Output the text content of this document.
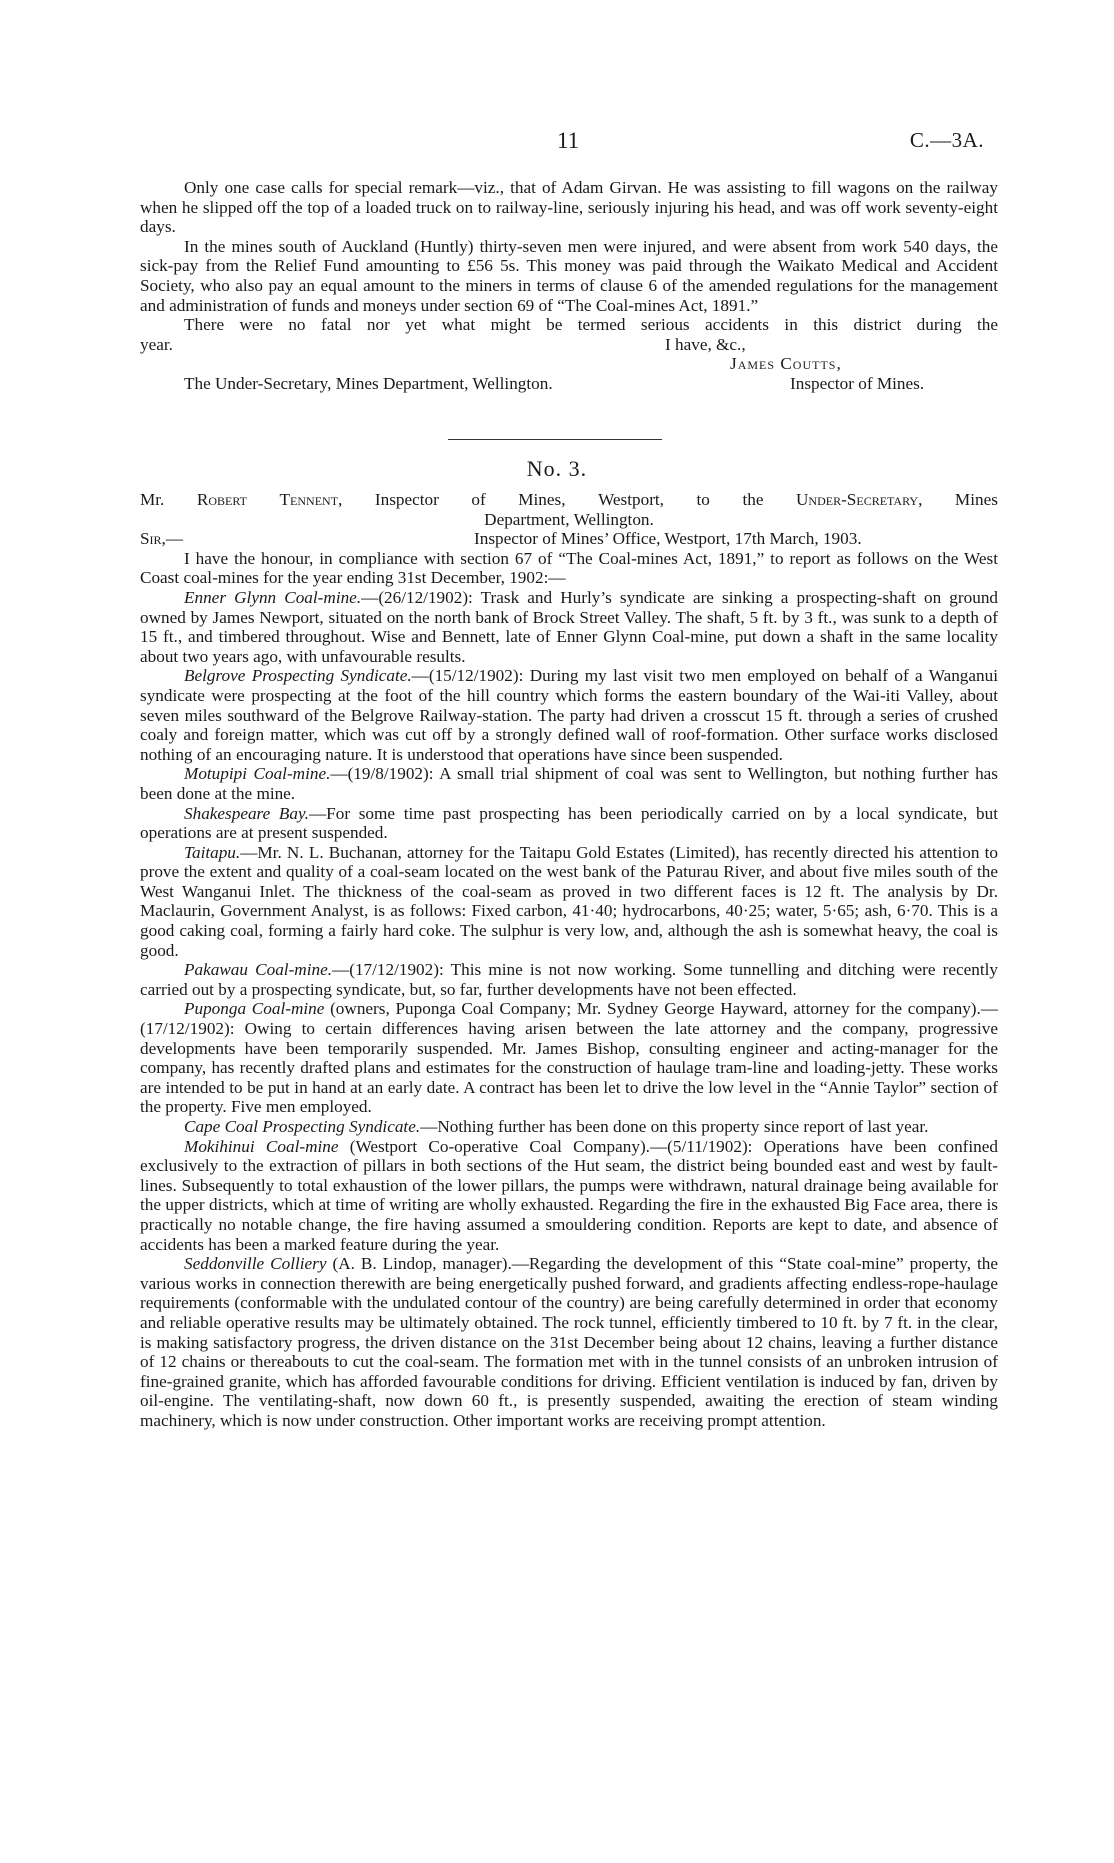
11	C.—3A.

Only one case calls for special remark—viz., that of Adam Girvan. He was assisting to fill wagons on the railway when he slipped off the top of a loaded truck on to railway-line, seriously injuring his head, and was off work seventy-eight days.

In the mines south of Auckland (Huntly) thirty-seven men were injured, and were absent from work 540 days, the sick-pay from the Relief Fund amounting to £56 5s. This money was paid through the Waikato Medical and Accident Society, who also pay an equal amount to the miners in terms of clause 6 of the amended regulations for the management and administration of funds and moneys under section 69 of “The Coal-mines Act, 1891.”

There were no fatal nor yet what might be termed serious accidents in this district during the

year.	I have, &c.,
James Coutts,
The Under-Secretary, Mines Department, Wellington.	Inspector of Mines.
No. 3.
Mr. Robert Tennent, Inspector of Mines, Westport, to the Under-Secretary, Mines
Department, Wellington.
Sir,—	Inspector of Mines’ Office, Westport, 17th March, 1903.

I have the honour, in compliance with section 67 of “The Coal-mines Act, 1891,” to report as follows on the West Coast coal-mines for the year ending 31st December, 1902:—

Enner Glynn Coal-mine.—(26/12/1902): Trask and Hurly’s syndicate are sinking a prospecting-shaft on ground owned by James Newport, situated on the north bank of Brock Street Valley. The shaft, 5 ft. by 3 ft., was sunk to a depth of 15 ft., and timbered throughout. Wise and Bennett, late of Enner Glynn Coal-mine, put down a shaft in the same locality about two years ago, with unfavourable results.

Belgrove Prospecting Syndicate.—(15/12/1902): During my last visit two men employed on behalf of a Wanganui syndicate were prospecting at the foot of the hill country which forms the eastern boundary of the Wai-iti Valley, about seven miles southward of the Belgrove Railway-station. The party had driven a crosscut 15 ft. through a series of crushed coaly and foreign matter, which was cut off by a strongly defined wall of roof-formation. Other surface works disclosed nothing of an encouraging nature. It is understood that operations have since been suspended.

Motupipi Coal-mine.—(19/8/1902): A small trial shipment of coal was sent to Wellington, but nothing further has been done at the mine.

Shakespeare Bay.—For some time past prospecting has been periodically carried on by a local syndicate, but operations are at present suspended.

Taitapu.—Mr. N. L. Buchanan, attorney for the Taitapu Gold Estates (Limited), has recently directed his attention to prove the extent and quality of a coal-seam located on the west bank of the Paturau River, and about five miles south of the West Wanganui Inlet. The thickness of the coal-seam as proved in two different faces is 12 ft. The analysis by Dr. Maclaurin, Government Analyst, is as follows: Fixed carbon, 41·40; hydrocarbons, 40·25; water, 5·65; ash, 6·70. This is a good caking coal, forming a fairly hard coke. The sulphur is very low, and, although the ash is somewhat heavy, the coal is good.

Pakawau Coal-mine.—(17/12/1902): This mine is not now working. Some tunnelling and ditching were recently carried out by a prospecting syndicate, but, so far, further developments have not been effected.

Puponga Coal-mine (owners, Puponga Coal Company; Mr. Sydney George Hayward, attorney for the company).—(17/12/1902): Owing to certain differences having arisen between the late attorney and the company, progressive developments have been temporarily suspended. Mr. James Bishop, consulting engineer and acting-manager for the company, has recently drafted plans and estimates for the construction of haulage tram-line and loading-jetty. These works are intended to be put in hand at an early date. A contract has been let to drive the low level in the “Annie Taylor” section of the property. Five men employed.

Cape Coal Prospecting Syndicate.—Nothing further has been done on this property since report of last year.

Mokihinui Coal-mine (Westport Co-operative Coal Company).—(5/11/1902): Operations have been confined exclusively to the extraction of pillars in both sections of the Hut seam, the district being bounded east and west by fault-lines. Subsequently to total exhaustion of the lower pillars, the pumps were withdrawn, natural drainage being available for the upper districts, which at time of writing are wholly exhausted. Regarding the fire in the exhausted Big Face area, there is practically no notable change, the fire having assumed a smouldering condition. Reports are kept to date, and absence of accidents has been a marked feature during the year.

Seddonville Colliery (A. B. Lindop, manager).—Regarding the development of this “State coal-mine” property, the various works in connection therewith are being energetically pushed forward, and gradients affecting endless-rope-haulage requirements (conformable with the undulated contour of the country) are being carefully determined in order that economy and reliable operative results may be ultimately obtained. The rock tunnel, efficiently timbered to 10 ft. by 7 ft. in the clear, is making satisfactory progress, the driven distance on the 31st December being about 12 chains, leaving a further distance of 12 chains or thereabouts to cut the coal-seam. The formation met with in the tunnel consists of an unbroken intrusion of fine-grained granite, which has afforded favourable conditions for driving. Efficient ventilation is induced by fan, driven by oil-engine. The ventilating-shaft, now down 60 ft., is presently suspended, awaiting the erection of steam winding machinery, which is now under construction. Other important works are receiving prompt attention.
